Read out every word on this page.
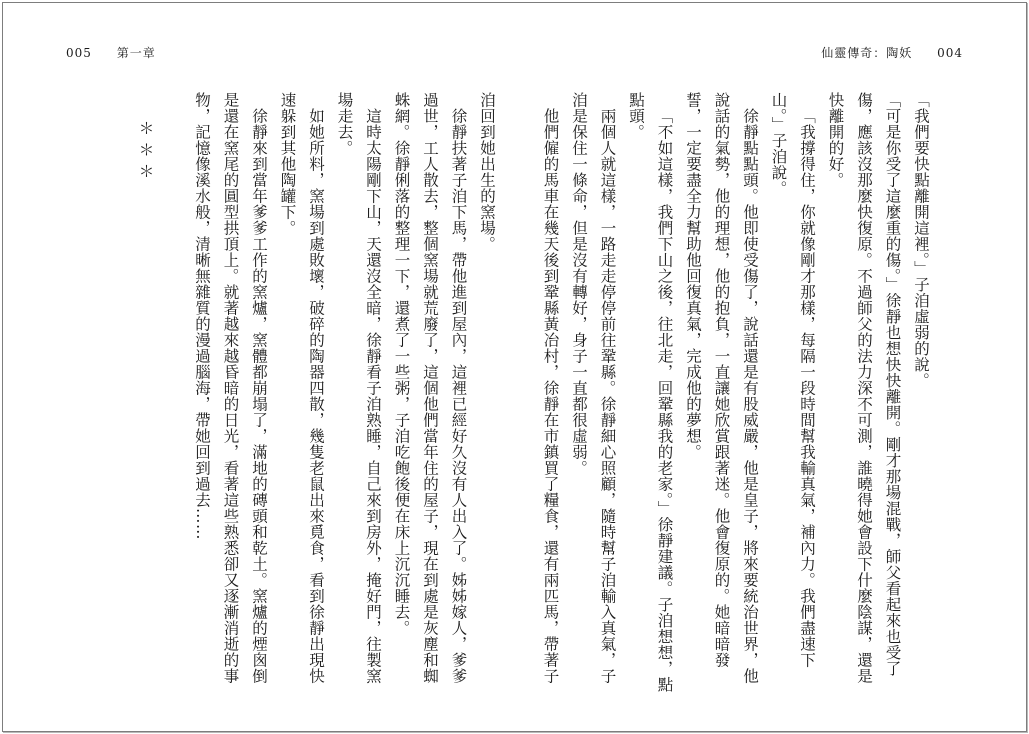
005 第一章	仙靈傳奇：陶妖 004

「我們要快點離開這裡。」子洎虛弱的說。

「可是你受了這麼重的傷。」徐靜也想快快離開。剛才那場混戰，師父看起來也受了傷，應該沒那麼快復原。不過師父的法力深不可測，誰曉得她會設下什麼陰謀，還是快離開的好。

「我撐得住，你就像剛才那樣，每隔一段時間幫我輸真氣，補內力。我們盡速下山。」子洎說。

徐靜點點頭。他即使受傷了，說話還是有股威嚴，他是皇子，將來要統治世界，他說話的氣勢，他的理想，他的抱負，一直讓她欣賞跟著迷。他會復原的。她暗暗發誓，一定要盡全力幫助他回復真氣，完成他的夢想。

「不如這樣，我們下山之後，往北走，回鞏縣我的老家。」徐靜建議。子洎想想，點點頭。

兩個人就這樣，一路走走停停前往鞏縣。徐靜細心照顧，隨時幫子洎輸入真氣，子洎是保住一條命，但是沒有轉好，身子一直都很虛弱。

他們僱的馬車在幾天後到鞏縣黃冶村，徐靜在市鎮買了糧食，還有兩匹馬，帶著子

洎回到她出生的窯場。

徐靜扶著子洎下馬，帶他進到屋內，這裡已經好久沒有人出入了。姊姊嫁人，爹爹過世，工人散去，整個窯場就荒廢了，這個他們當年住的屋子，現在到處是灰塵和蜘蛛網。徐靜俐落的整理一下，還煮了一些粥，子洎吃飽後便在床上沉沉睡去。

這時太陽剛下山，天還沒全暗，徐靜看子洎熟睡，自己來到房外，掩好門，往製窯場走去。

如她所料，窯場到處敗壞，破碎的陶器四散，幾隻老鼠出來覓食，看到徐靜出現快速躲到其他陶罐下。

徐靜來到當年爹爹工作的窯爐，窯體都崩塌了，滿地的磚頭和乾土。窯爐的煙囪倒是還在窯尾的圓型拱頂上。就著越來越昏暗的日光，看著這些熟悉卻又逐漸消逝的事物，記憶像溪水般，清晰無雜質的漫過腦海，帶她回到過去……

＊＊＊
